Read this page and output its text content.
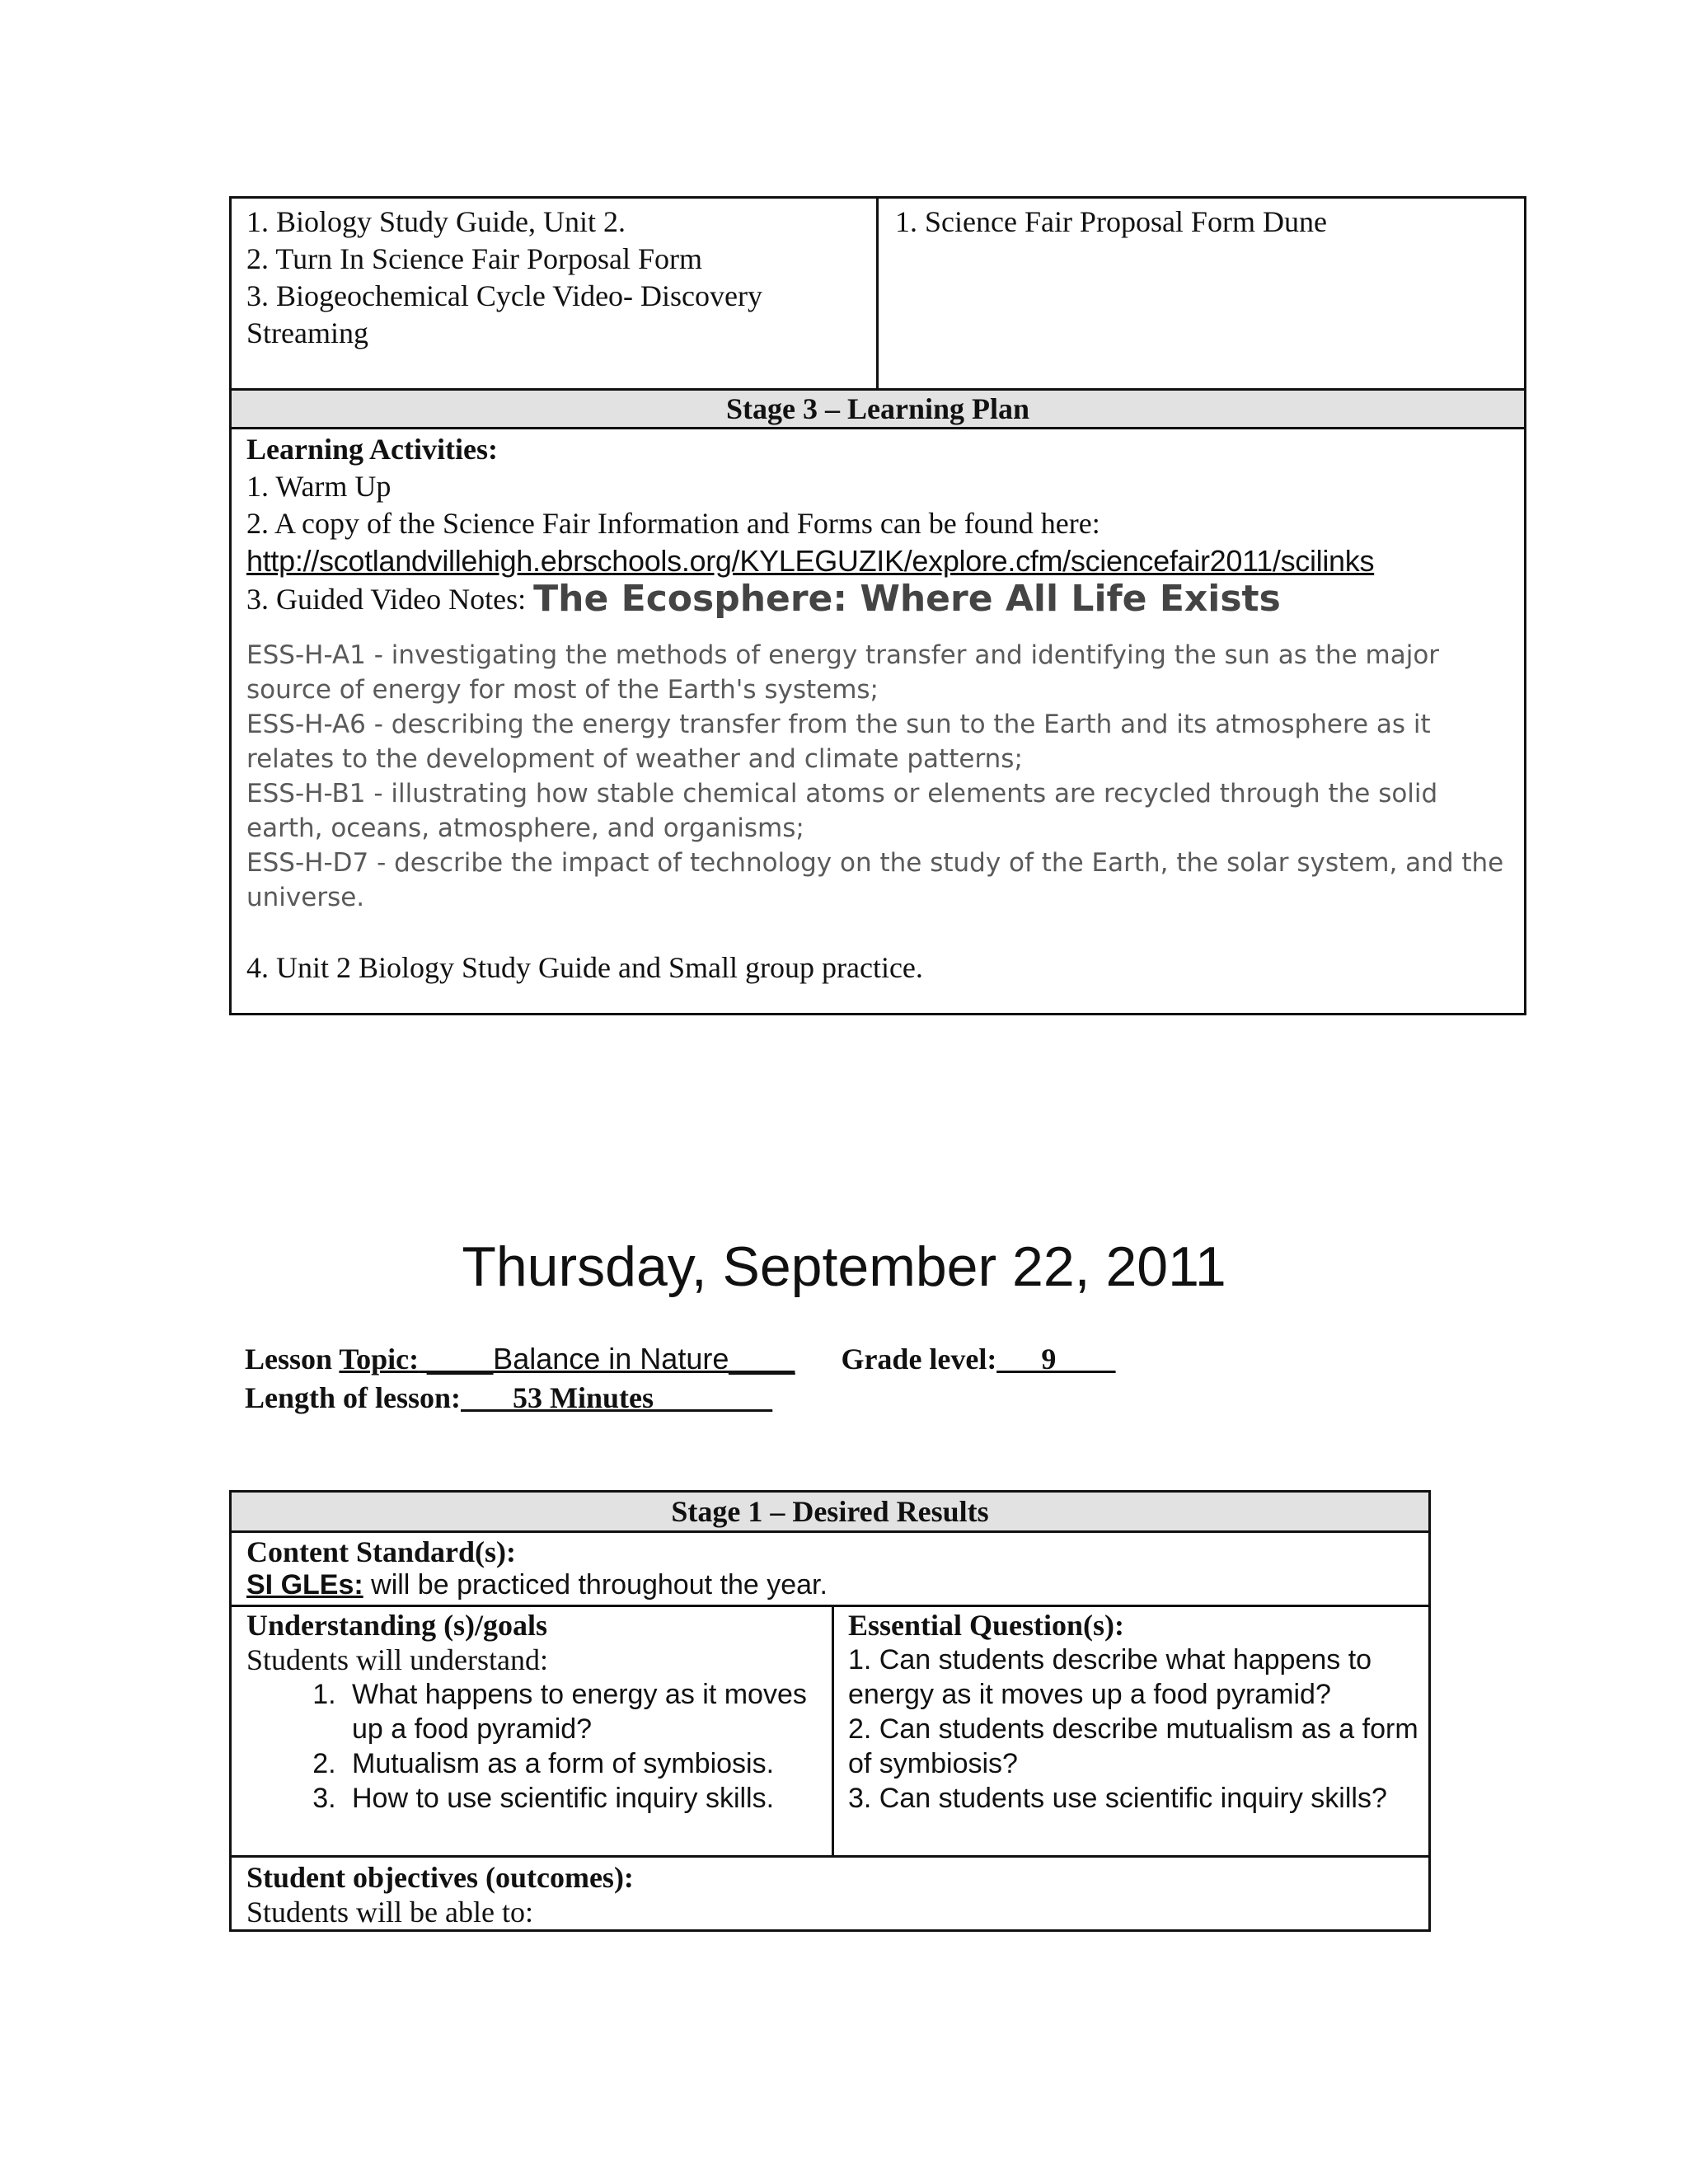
1. Biology Study Guide, Unit 2.
2. Turn In Science Fair Porposal Form
3. Biogeochemical Cycle Video- Discovery
Streaming
1. Science Fair Proposal Form Dune
Stage 3 – Learning Plan
Learning Activities:
1. Warm Up
2. A copy of the Science Fair Information and Forms can be found here:
http://scotlandvillehigh.ebrschools.org/KYLEGUZIK/explore.cfm/sciencefair2011/scilinks
3. Guided Video Notes: The Ecosphere: Where All Life Exists

ESS-H-A1 - investigating the methods of energy transfer and identifying the sun as the major source of energy for most of the Earth's systems;

ESS-H-A6 - describing the energy transfer from the sun to the Earth and its atmosphere as it relates to the development of weather and climate patterns;

ESS-H-B1 - illustrating how stable chemical atoms or elements are recycled through the solid earth, oceans, atmosphere, and organisms;

ESS-H-D7 - describe the impact of technology on the study of the Earth, the solar system, and the universe.

4. Unit 2 Biology Study Guide and Small group practice.
Thursday, September 22, 2011
Lesson Topic: ____Balance in Nature____ Grade level:___9____
Length of lesson: ___53 Minutes________
Stage 1 – Desired Results
Content Standard(s):
SI GLEs: will be practiced throughout the year.
Understanding (s)/goals
Students will understand:
1. What happens to energy as it moves up a food pyramid?
2. Mutualism as a form of symbiosis.
3. How to use scientific inquiry skills.
Essential Question(s):
1. Can students describe what happens to energy as it moves up a food pyramid?
2. Can students describe mutualism as a form of symbiosis?
3. Can students use scientific inquiry skills?
Student objectives (outcomes):
Students will be able to:
